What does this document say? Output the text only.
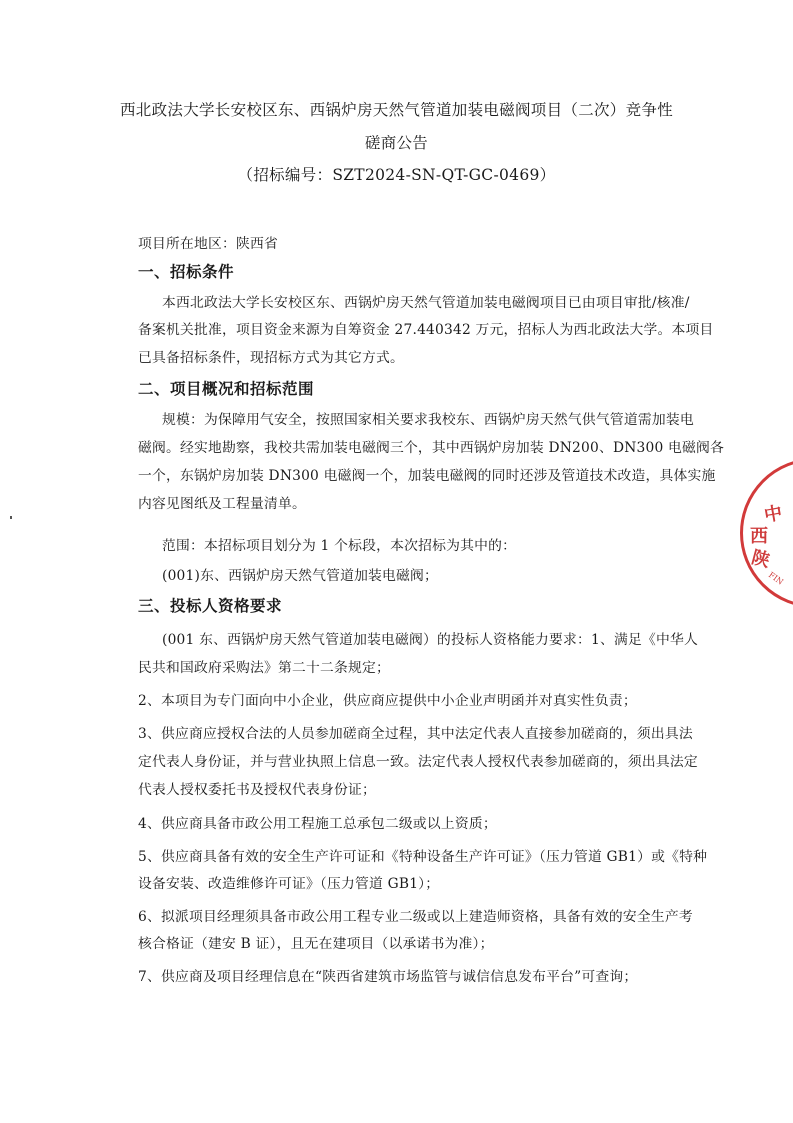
西北政法大学长安校区东、西锅炉房天然气管道加装电磁阀项目（二次）竞争性
磋商公告
（招标编号：SZT2024-SN-QT-GC-0469）
项目所在地区：陕西省
一、招标条件
本西北政法大学长安校区东、西锅炉房天然气管道加装电磁阀项目已由项目审批/核准/
备案机关批准，项目资金来源为自筹资金 27.440342 万元，招标人为西北政法大学。本项目
已具备招标条件，现招标方式为其它方式。
二、项目概况和招标范围
规模：为保障用气安全，按照国家相关要求我校东、西锅炉房天然气供气管道需加装电
磁阀。经实地勘察，我校共需加装电磁阀三个，其中西锅炉房加装 DN200、DN300 电磁阀各
一个，东锅炉房加装 DN300 电磁阀一个，加装电磁阀的同时还涉及管道技术改造，具体实施
内容见图纸及工程量清单。
范围：本招标项目划分为 1 个标段，本次招标为其中的：
(001)东、西锅炉房天然气管道加装电磁阀；
三、投标人资格要求
(001 东、西锅炉房天然气管道加装电磁阀）的投标人资格能力要求：1、满足《中华人
民共和国政府采购法》第二十二条规定；
2、本项目为专门面向中小企业，供应商应提供中小企业声明函并对真实性负责；
3、供应商应授权合法的人员参加磋商全过程，其中法定代表人直接参加磋商的，须出具法
定代表人身份证，并与营业执照上信息一致。法定代表人授权代表参加磋商的，须出具法定
代表人授权委托书及授权代表身份证；
4、供应商具备市政公用工程施工总承包二级或以上资质；
5、供应商具备有效的安全生产许可证和《特种设备生产许可证》（压力管道 GB1）或《特种
设备安装、改造维修许可证》（压力管道 GB1）；
6、拟派项目经理须具备市政公用工程专业二级或以上建造师资格，具备有效的安全生产考
核合格证（建安 B 证），且无在建项目（以承诺书为准）；
7、供应商及项目经理信息在“陕西省建筑市场监管与诚信信息发布平台”可查询；
中
西
陕
FIN
